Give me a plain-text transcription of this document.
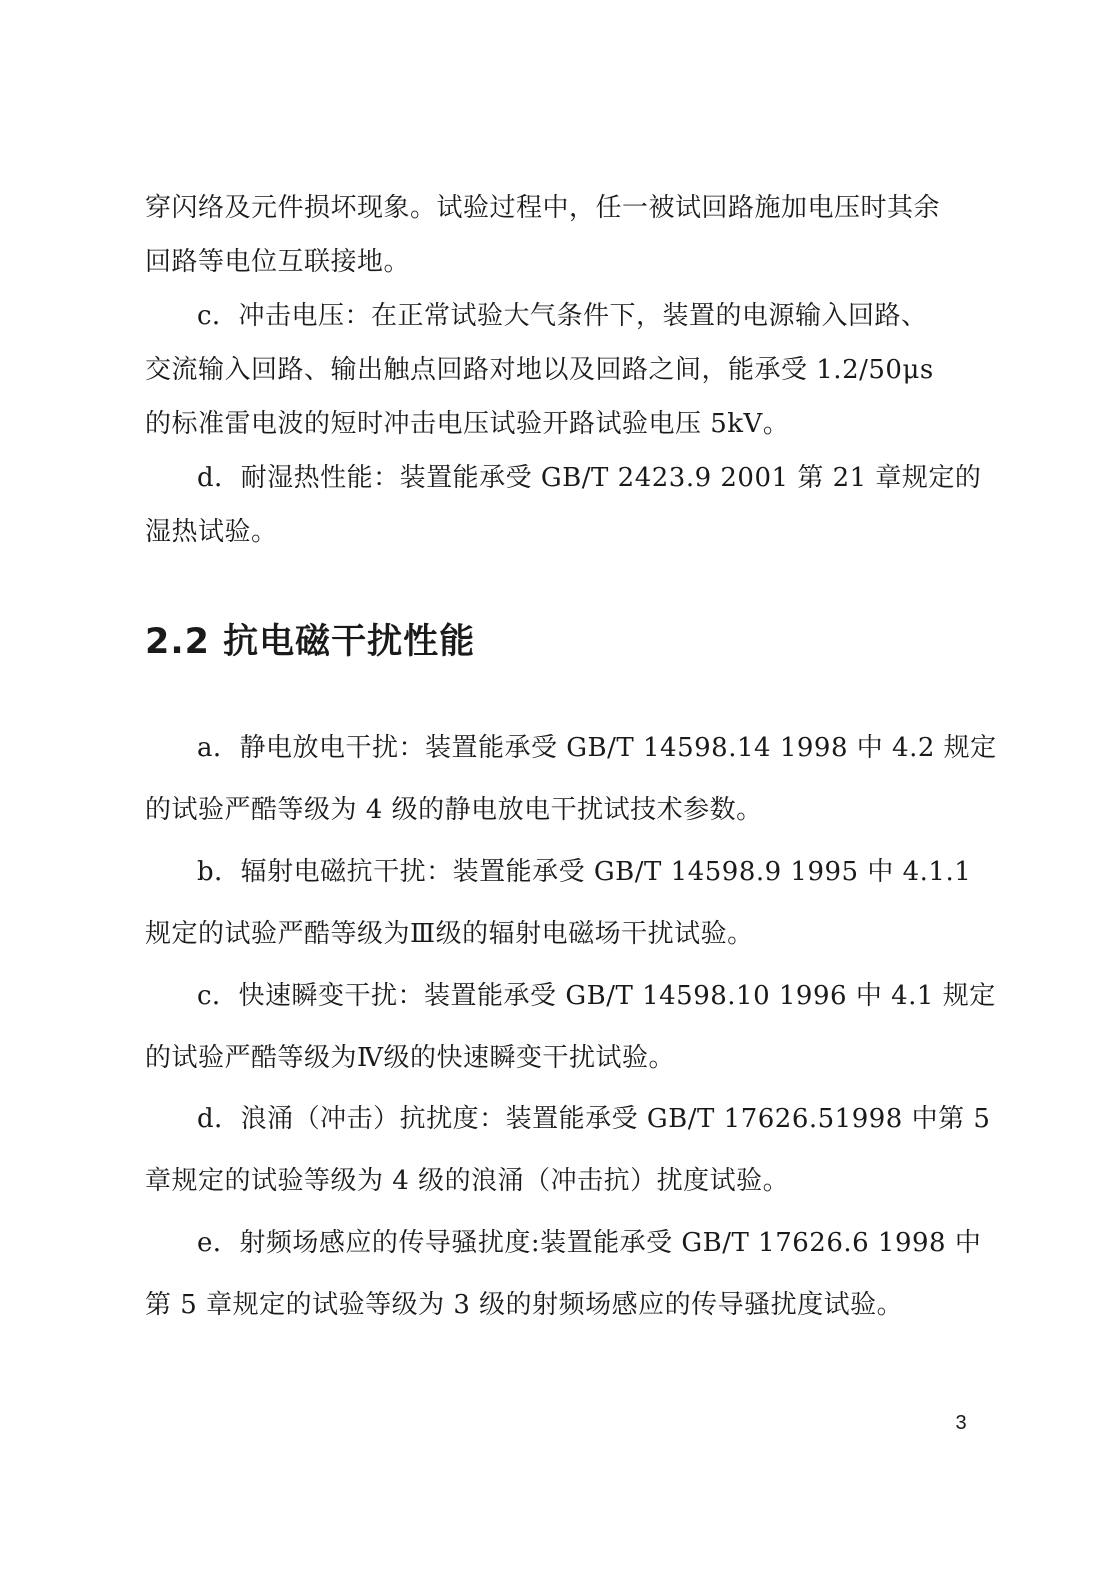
穿闪络及元件损坏现象。试验过程中，任一被试回路施加电压时其余
回路等电位互联接地。
c．冲击电压：在正常试验大气条件下，装置的电源输入回路、
交流输入回路、输出触点回路对地以及回路之间，能承受 1.2/50μs
的标准雷电波的短时冲击电压试验开路试验电压 5kV。
d．耐湿热性能：装置能承受 GB/T 2423.9 2001 第 21 章规定的
湿热试验。
2.2 抗电磁干扰性能
a．静电放电干扰：装置能承受 GB/T 14598.14 1998 中 4.2 规定
的试验严酷等级为 4 级的静电放电干扰试技术参数。
b．辐射电磁抗干扰：装置能承受 GB/T 14598.9 1995 中 4.1.1
规定的试验严酷等级为Ⅲ级的辐射电磁场干扰试验。
c．快速瞬变干扰：装置能承受 GB/T 14598.10 1996 中 4.1 规定
的试验严酷等级为Ⅳ级的快速瞬变干扰试验。
d．浪涌（冲击）抗扰度：装置能承受 GB/T 17626.51998 中第 5
章规定的试验等级为 4 级的浪涌（冲击抗）扰度试验。
e．射频场感应的传导骚扰度:装置能承受 GB/T 17626.6 1998 中
第 5 章规定的试验等级为 3 级的射频场感应的传导骚扰度试验。
3
